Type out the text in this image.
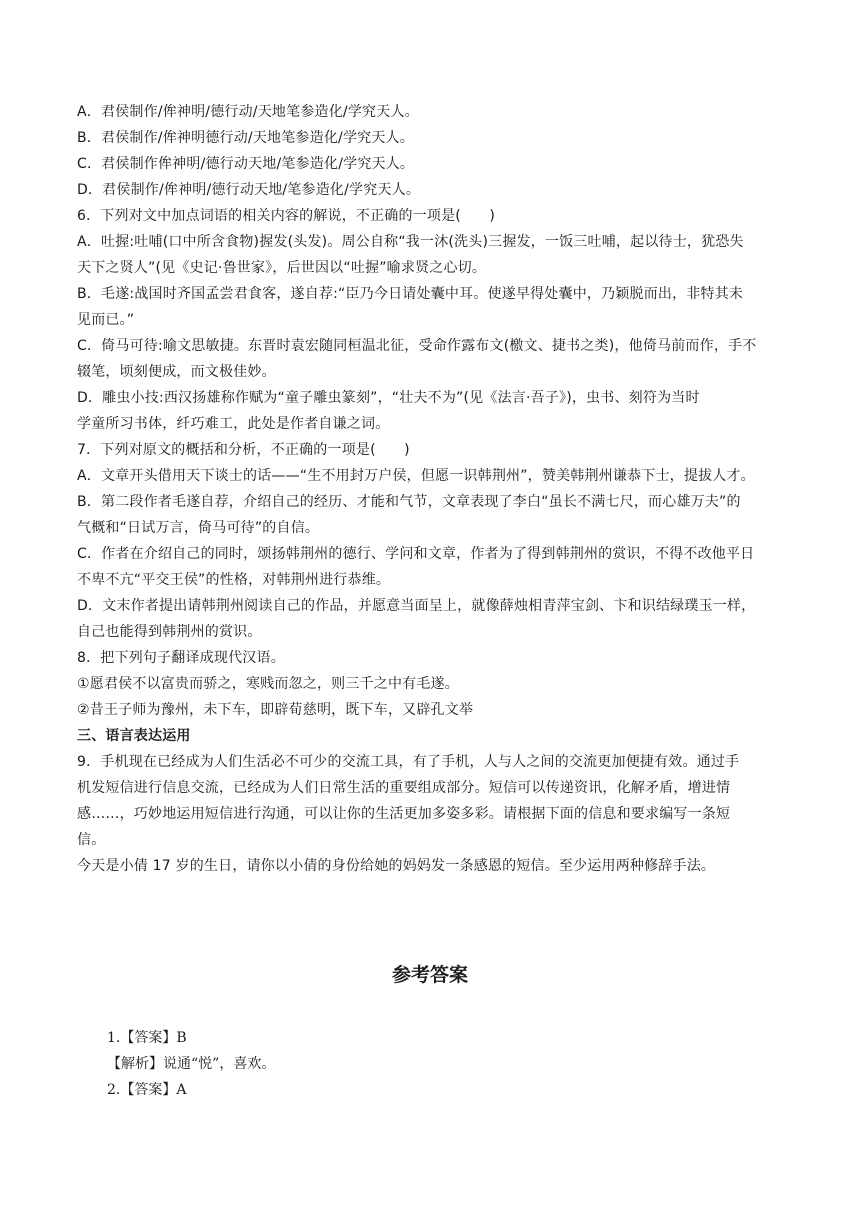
A．君侯制作/侔神明/德行动/天地笔参造化/学究天人。
B．君侯制作/侔神明德行动/天地笔参造化/学究天人。
C．君侯制作侔神明/德行动天地/笔参造化/学究天人。
D．君侯制作/侔神明/德行动天地/笔参造化/学究天人。
6．下列对文中加点词语的相关内容的解说，不正确的一项是(　　)
A．吐握:吐哺(口中所含食物)握发(头发)。周公自称“我一沐(洗头)三握发，一饭三吐哺，起以待士，犹恐失
天下之贤人”(见《史记·鲁世家》，后世因以“吐握”喻求贤之心切。
B．毛遂:战国时齐国孟尝君食客，遂自荐:“臣乃今日请处囊中耳。使遂早得处囊中，乃颖脱而出，非特其未
见而已。”
C．倚马可待:喻文思敏捷。东晋时袁宏随同桓温北征，受命作露布文(檄文、捷书之类)，他倚马前而作，手不
辍笔，顷刻便成，而文极佳妙。
D．雕虫小技:西汉扬雄称作赋为“童子雕虫篆刻”，“壮夫不为”(见《法言·吾子》)，虫书、刻符为当时
学童所习书体，纤巧难工，此处是作者自谦之词。
7．下列对原文的概括和分析，不正确的一项是(　　)
A．文章开头借用天下谈士的话——“生不用封万户侯，但愿一识韩荆州”，赞美韩荆州谦恭下士，提拔人才。
B．第二段作者毛遂自荐，介绍自己的经历、才能和气节，文章表现了李白“虽长不满七尺，而心雄万夫”的
气概和“日试万言，倚马可待”的自信。
C．作者在介绍自己的同时，颂扬韩荆州的德行、学问和文章，作者为了得到韩荆州的赏识，不得不改他平日
不卑不亢“平交王侯”的性格，对韩荆州进行恭维。
D．文末作者提出请韩荆州阅读自己的作品，并愿意当面呈上，就像薛烛相青萍宝剑、卞和识结绿璞玉一样，
自己也能得到韩荆州的赏识。
8．把下列句子翻译成现代汉语。
①愿君侯不以富贵而骄之，寒贱而忽之，则三千之中有毛遂。
②昔王子师为豫州，未下车，即辟荀慈明，既下车，又辟孔文举
三、语言表达运用
9．手机现在已经成为人们生活必不可少的交流工具，有了手机，人与人之间的交流更加便捷有效。通过手
机发短信进行信息交流，已经成为人们日常生活的重要组成部分。短信可以传递资讯，化解矛盾，增进情
感……，巧妙地运用短信进行沟通，可以让你的生活更加多姿多彩。请根据下面的信息和要求编写一条短
信。
今天是小倩 17 岁的生日，请你以小倩的身份给她的妈妈发一条感恩的短信。至少运用两种修辞手法。
参考答案
1.【答案】B
【解析】说通“悦”，喜欢。
2.【答案】A
